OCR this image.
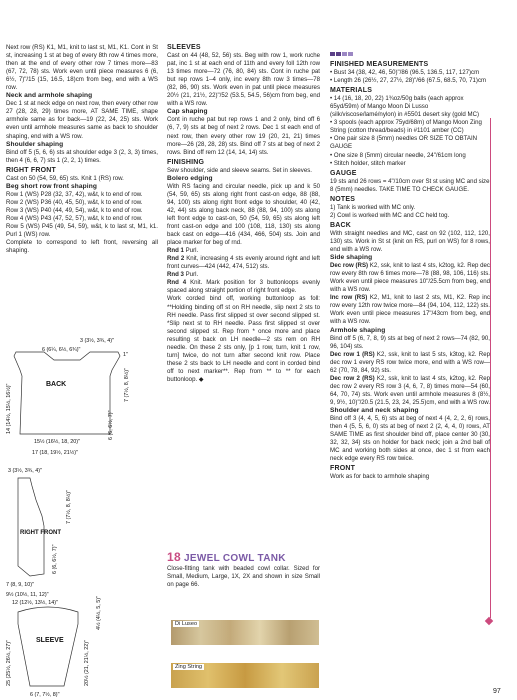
Next row (RS) K1, M1, knit to last st, M1, K1. Cont in St st, increasing 1 st at beg of every 8th row 4 times more, then at the end of every other row 7 times more—83 (67, 72, 78) sts. Work even until piece measures 6 (6, 6½, 7)"/15 (15, 16.5, 18)cm from beg, end with a WS row.
Neck and armhole shaping
Dec 1 st at neck edge on next row, then every other row 27 (28, 28, 29) times more, AT SAME TIME, shape armhole same as for back—19 (22, 24, 25) sts. Work even until armhole measures same as back to shoulder shaping, end with a WS row.
Shoulder shaping
Bind off 5 (5, 6, 6) sts at shoulder edge 3 (2, 3, 3) times, then 4 (6, 6, 7) sts 1 (2, 2, 1) times.
RIGHT FRONT
Cast on 50 (54, 59, 65) sts. Knit 1 (RS) row.
Beg short row front shaping
Row 1 (WS) P28 (32, 37, 42), w&t, k to end of row.
Row 2 (WS) P36 (40, 45, 50), w&t, k to end of row.
Row 3 (WS) P40 (44, 49, 54), w&t, k to end of row.
Row 4 (WS) P43 (47, 52, 57), w&t, k to end of row.
Row 5 (WS) P45 (49, 54, 59), w&t, k to last st, M1, k1. Purl 1 (WS) row.
Complete to correspond to left front, reversing all shaping.
BACK
3 (3½, 3¾, 4)"
6 (6¼, 6½, 6¾)"
1"
7 (7½, 8, 8½)"
6 (6, 6½, 7)"
14 (14½, 15½, 16½)"
15½ (16½, 18, 20)"
17 (18, 19½, 21½)"
3 (3½, 3¾, 4)"
RIGHT FRONT
7 (7½, 8, 8½)"
6 (6, 6½, 7)"
7 (8, 9, 10)"
9½ (10½, 11, 12)"
SLEEVE
12 (12½, 13½, 14)"	4½ (4½, 5, 5)"
25 (25½, 26½, 27)"	20½ (21, 21½, 22)"
6 (7, 7½, 8)"
SLEEVES
Cast on 44 (48, 52, 56) sts. Beg with row 1, work ruche pat, inc 1 st at each end of 11th and every foll 12th row 13 times more—72 (76, 80, 84) sts. Cont in ruche pat but rep rows 1–4 only, inc every 8th row 3 times—78 (82, 86, 90) sts. Work even in pat until piece measures 20½ (21, 21½, 22)"/52 (53.5, 54.5, 56)cm from beg, end with a WS row.
Cap shaping
Cont in ruche pat but rep rows 1 and 2 only, bind off 6 (6, 7, 9) sts at beg of next 2 rows. Dec 1 st each end of next row, then every other row 19 (20, 21, 21) times more—26 (28, 28, 28) sts. Bind off 7 sts at beg of next 2 rows. Bind off rem 12 (14, 14, 14) sts.
FINISHING
Sew shoulder, side and sleeve seams. Set in sleeves.
Bolero edging
With RS facing and circular needle, pick up and k 50 (54, 59, 65) sts along right front cast-on edge, 88 (88, 94, 100) sts along right front edge to shoulder, 40 (42, 42, 44) sts along back neck, 88 (88, 94, 100) sts along left front edge to cast-on, 50 (54, 59, 65) sts along left front cast-on edge and 100 (108, 118, 130) sts along back cast on edge—416 (434, 466, 504) sts. Join and place marker for beg of rnd.
Rnd 1 Purl.
Rnd 2 Knit, increasing 4 sts evenly around right and left front curves—424 (442, 474, 512) sts.
Rnd 3 Purl.
Rnd 4 Knit. Mark position for 3 buttonloops evenly spaced along straight portion of right front edge.
Work corded bind off, working buttonloop as foll: **Holding binding off st on RH needle, slip next 2 sts to RH needle. Pass first slipped st over second slipped st. *Slip next st to RH needle. Pass first slipped st over second slipped st. Rep from * once more and place resulting st back on LH needle—2 sts rem on RH needle. On these 2 sts only, [p 1 row, turn, knit 1 row, turn] twice, do not turn after second knit row. Place these 2 sts back to LH needle and cont in corded bind off to next marker**. Rep from ** to ** for each buttonloop. ◆
18 JEWEL COWL TANK
Close-fitting tank with beaded cowl collar. Sized for Small, Medium, Large, 1X, 2X and shown in size Small on page 66.
Di Luseo
Zing String
FINISHED MEASUREMENTS
• Bust 34 (38, 42, 46, 50)"/86 (96.5, 136.5, 117, 127)cm
• Length 26 (26½, 27, 27½, 28)"/66 (67.5, 68.5, 70, 71)cm
MATERIALS
• 14 (16, 18, 20, 22) 1¾oz/50g balls (each approx 65yd/59m) of Mango Moon Di Lusso (silk/viscose/lamé/nylon) in #5501 desert sky (gold MC)
• 3 spools (each approx 75yd/68m) of Mango Moon Zing String (cotton thread/beads) in #1101 amber (CC)
• One pair size 8 (5mm) needles OR SIZE TO OBTAIN GAUGE
• One size 8 (5mm) circular needle, 24"/61cm long
• Stitch holder, stitch marker
GAUGE
19 sts and 26 rows = 4"/10cm over St st using MC and size 8 (5mm) needles. TAKE TIME TO CHECK GAUGE.
NOTES
1) Tank is worked with MC only.
2) Cowl is worked with MC and CC held tog.
BACK
With straight needles and MC, cast on 92 (102, 112, 120, 130) sts. Work in St st (knit on RS, purl on WS) for 8 rows, end with a WS row.
Side shaping
Dec row (RS) K2, ssk, knit to last 4 sts, k2tog, k2. Rep dec row every 8th row 6 times more—78 (88, 98, 106, 116) sts. Work even until piece measures 10"/25.5cm from beg, end with a WS row.
Inc row (RS) K2, M1, knit to last 2 sts, M1, K2. Rep inc row every 12th row twice more—84 (94, 104, 112, 122) sts. Work even until piece measures 17"/43cm from beg, end with a WS row.
Armhole shaping
Bind off 5 (6, 7, 8, 9) sts at beg of next 2 rows—74 (82, 90, 96, 104) sts.
Dec row 1 (RS) K2, ssk, knit to last 5 sts, k3tog, k2. Rep dec row 1 every RS row twice more, end with a WS row—62 (70, 78, 84, 92) sts.
Dec row 2 (RS) K2, ssk, knit to last 4 sts, k2tog, k2. Rep dec row 2 every RS row 3 (4, 6, 7, 8) times more—54 (60, 64, 70, 74) sts. Work even until armhole measures 8 (8½, 9, 9½, 10)"/20.5 (21.5, 23, 24, 25.5)cm, end with a WS row.
Shoulder and neck shaping
Bind off 3 (4, 4, 5, 6) sts at beg of next 4 (4, 2, 2, 6) rows, then 4 (5, 5, 6, 0) sts at beg of next 2 (2, 4, 4, 0) rows, AT SAME TIME as first shoulder bind off, place center 30 (30, 32, 32, 34) sts on holder for back neck; join a 2nd ball of MC and working both sides at once, dec 1 st from each neck edge every RS row twice.
FRONT
Work as for back to armhole shaping
97
